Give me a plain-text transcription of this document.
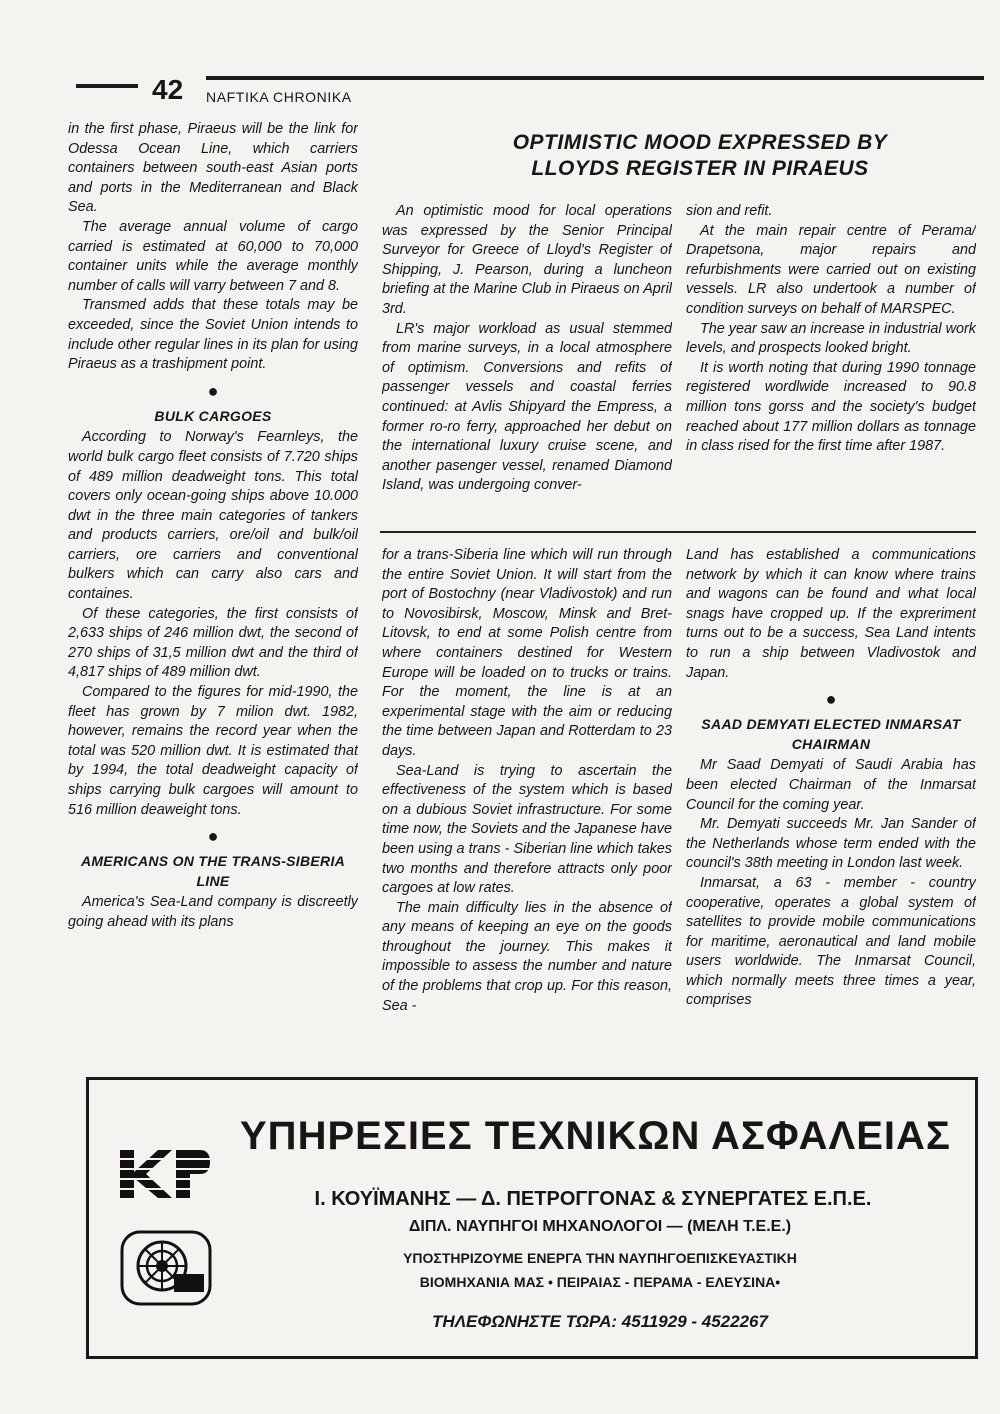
42 NAFTIKA CHRONIKA

in the first phase, Piraeus will be the link for Odessa Ocean Line, which carriers containers between south-east Asian ports and ports in the Mediterranean and Black Sea.

The average annual volume of cargo carried is estimated at 60,000 to 70,000 container units while the average monthly number of calls will varry between 7 and 8.

Transmed adds that these totals may be exceeded, since the Soviet Union intends to include other regular lines in its plan for using Piraeus as a trashipment point.

●
BULK CARGOES

According to Norway's Fearnleys, the world bulk cargo fleet consists of 7.720 ships of 489 million deadweight tons. This total covers only ocean-going ships above 10.000 dwt in the three main categories of tankers and products carriers, ore/oil and bulk/oil carriers, ore carriers and conventional bulkers which can carry also cars and containes.

Of these categories, the first consists of 2,633 ships of 246 million dwt, the second of 270 ships of 31,5 million dwt and the third of 4,817 ships of 489 million dwt.

Compared to the figures for mid-1990, the fleet has grown by 7 milion dwt. 1982, however, remains the record year when the total was 520 million dwt. It is estimated that by 1994, the total deadweight capacity of ships carrying bulk cargoes will amount to 516 million deaweight tons.

●
AMERICANS ON THE TRANS-SIBERIA LINE

America's Sea-Land company is discreetly going ahead with its plans

OPTIMISTIC MOOD EXPRESSED BY LLOYDS REGISTER IN PIRAEUS

An optimistic mood for local operations was expressed by the Senior Principal Surveyor for Greece of Lloyd's Register of Shipping, J. Pearson, during a luncheon briefing at the Marine Club in Piraeus on April 3rd.

LR's major workload as usual stemmed from marine surveys, in a local atmosphere of optimism. Conversions and refits of passenger vessels and coastal ferries continued: at Avlis Shipyard the Empress, a former ro-ro ferry, approached her debut on the international luxury cruise scene, and another pasenger vessel, renamed Diamond Island, was undergoing conver-

sion and refit.

At the main repair centre of Perama/ Drapetsona, major repairs and refurbishments were carried out on existing vessels. LR also undertook a number of condition surveys on behalf of MARSPEC.

The year saw an increase in industrial work levels, and prospects looked bright.

It is worth noting that during 1990 tonnage registered wordlwide increased to 90.8 million tons gorss and the society's budget reached about 177 million dollars as tonnage in class rised for the first time after 1987.

for a trans-Siberia line which will run through the entire Soviet Union. It will start from the port of Bostochny (near Vladivostok) and run to Novosibirsk, Moscow, Minsk and Bret-Litovsk, to end at some Polish centre from where containers destined for Western Europe will be loaded on to trucks or trains. For the moment, the line is at an experimental stage with the aim or reducing the time between Japan and Rotterdam to 23 days.

Sea-Land is trying to ascertain the effectiveness of the system which is based on a dubious Soviet infrastructure. For some time now, the Soviets and the Japanese have been using a trans - Siberian line which takes two months and therefore attracts only poor cargoes at low rates.

The main difficulty lies in the absence of any means of keeping an eye on the goods throughout the journey. This makes it impossible to assess the number and nature of the problems that crop up. For this reason, Sea -

Land has established a communications network by which it can know where trains and wagons can be found and what local snags have cropped up. If the expreriment turns out to be a success, Sea Land intents to run a ship between Vladivostok and Japan.

●
SAAD DEMYATI ELECTED INMARSAT CHAIRMAN

Mr Saad Demyati of Saudi Arabia has been elected Chairman of the Inmarsat Council for the coming year.

Mr. Demyati succeeds Mr. Jan Sander of the Netherlands whose term ended with the council's 38th meeting in London last week.

Inmarsat, a 63 - member - country cooperative, operates a global system of satellites to provide mobile communications for maritime, aeronautical and land mobile users worldwide. The Inmarsat Council, which normally meets three times a year, comprises

ΥΠΗΡΕΣΙΕΣ ΤΕΧΝΙΚΩΝ ΑΣΦΑΛΕΙΑΣ
Ι. ΚΟΥΪΜΑΝΗΣ — Δ. ΠΕΤΡΟΓΓΟΝΑΣ & ΣΥΝΕΡΓΑΤΕΣ Ε.Π.Ε.
ΔΙΠΛ. ΝΑΥΠΗΓΟΙ ΜΗΧΑΝΟΛΟΓΟΙ — (ΜΕΛΗ Τ.Ε.Ε.)
ΥΠΟΣΤΗΡΙΖΟΥΜΕ ΕΝΕΡΓΑ ΤΗΝ ΝΑΥΠΗΓΟΕΠΙΣΚΕΥΑΣΤΙΚΗ
ΒΙΟΜΗΧΑΝΙΑ ΜΑΣ • ΠΕΙΡΑΙΑΣ - ΠΕΡΑΜΑ - ΕΛΕΥΣΙΝΑ•
ΤΗΛΕΦΩΝΗΣΤΕ ΤΩΡΑ: 4511929 - 4522267
